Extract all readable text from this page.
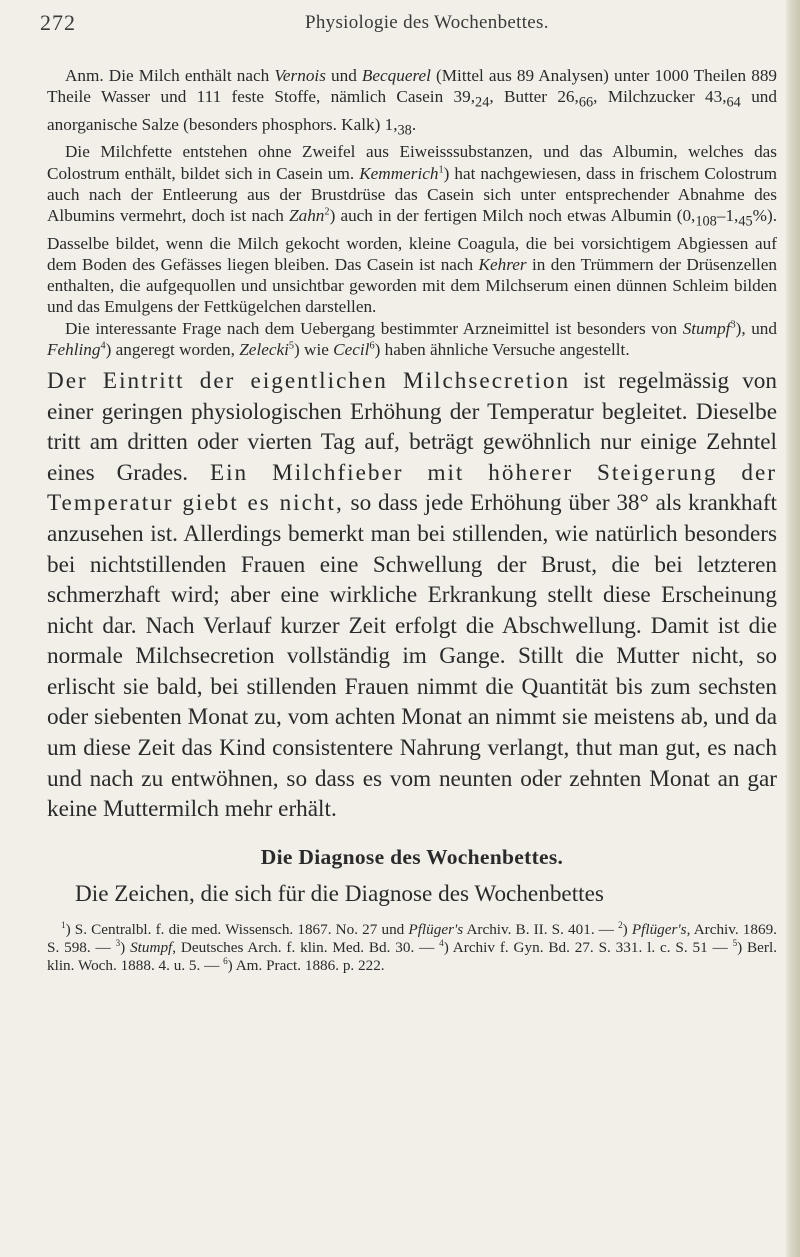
272	Physiologie des Wochenbettes.

Anm. Die Milch enthält nach Vernois und Becquerel (Mittel aus 89 Analysen) unter 1000 Theilen 889 Theile Wasser und 111 feste Stoffe, nämlich Casein $39,_{24}$, Butter $26,_{66}$, Milchzucker $43,_{64}$ und anorganische Salze (besonders phosphors. Kalk) $1,_{38}$.

Die Milchfette entstehen ohne Zweifel aus Eiweisssubstanzen, und das Albumin, welches das Colostrum enthält, bildet sich in Casein um. Kemmerich$^1$) hat nachgewiesen, dass in frischem Colostrum auch nach der Entleerung aus der Brustdrüse das Casein sich unter entsprechender Abnahme des Albumins vermehrt, doch ist nach Zahn$^2$) auch in der fertigen Milch noch etwas Albumin $(0,_{108}-1,_{45}\%)$. Dasselbe bildet, wenn die Milch gekocht worden, kleine Coagula, die bei vorsichtigem Abgiessen auf dem Boden des Gefässes liegen bleiben. Das Casein ist nach Kehrer in den Trümmern der Drüsenzellen enthalten, die aufgequollen und unsichtbar geworden mit dem Milchserum einen dünnen Schleim bilden und das Emulgens der Fettkügelchen darstellen.

Die interessante Frage nach dem Uebergang bestimmter Arzneimittel ist besonders von Stumpf$^3$), und Fehling$^4$) angeregt worden, Zelecki$^5$) wie Cecil$^6$) haben ähnliche Versuche angestellt.

Der Eintritt der eigentlichen Milchsecretion ist regelmässig von einer geringen physiologischen Erhöhung der Temperatur begleitet. Dieselbe tritt am dritten oder vierten Tag auf, beträgt gewöhnlich nur einige Zehntel eines Grades. Ein Milchfieber mit höherer Steigerung der Temperatur giebt es nicht, so dass jede Erhöhung über 38° als krankhaft anzusehen ist. Allerdings bemerkt man bei stillenden, wie natürlich besonders bei nichtstillenden Frauen eine Schwellung der Brust, die bei letzteren schmerzhaft wird; aber eine wirkliche Erkrankung stellt diese Erscheinung nicht dar. Nach Verlauf kurzer Zeit erfolgt die Abschwellung. Damit ist die normale Milchsecretion vollständig im Gange. Stillt die Mutter nicht, so erlischt sie bald, bei stillenden Frauen nimmt die Quantität bis zum sechsten oder siebenten Monat zu, vom achten Monat an nimmt sie meistens ab, und da um diese Zeit das Kind consistentere Nahrung verlangt, thut man gut, es nach und nach zu entwöhnen, so dass es vom neunten oder zehnten Monat an gar keine Muttermilch mehr erhält.

Die Diagnose des Wochenbettes.

Die Zeichen, die sich für die Diagnose des Wochenbettes

$^1$) S. Centralbl. f. die med. Wissensch. 1867. No. 27 und Pflüger's Archiv. B. II. S. 401. — $^2$) Pflüger's, Archiv. 1869. S. 598. — $^3$) Stumpf, Deutsches Arch. f. klin. Med. Bd. 30. — $^4$) Archiv f. Gyn. Bd. 27. S. 331. l. c. S. 51 — $^5$) Berl. klin. Woch. 1888. 4. u. 5. — $^6$) Am. Pract. 1886. p. 222.
